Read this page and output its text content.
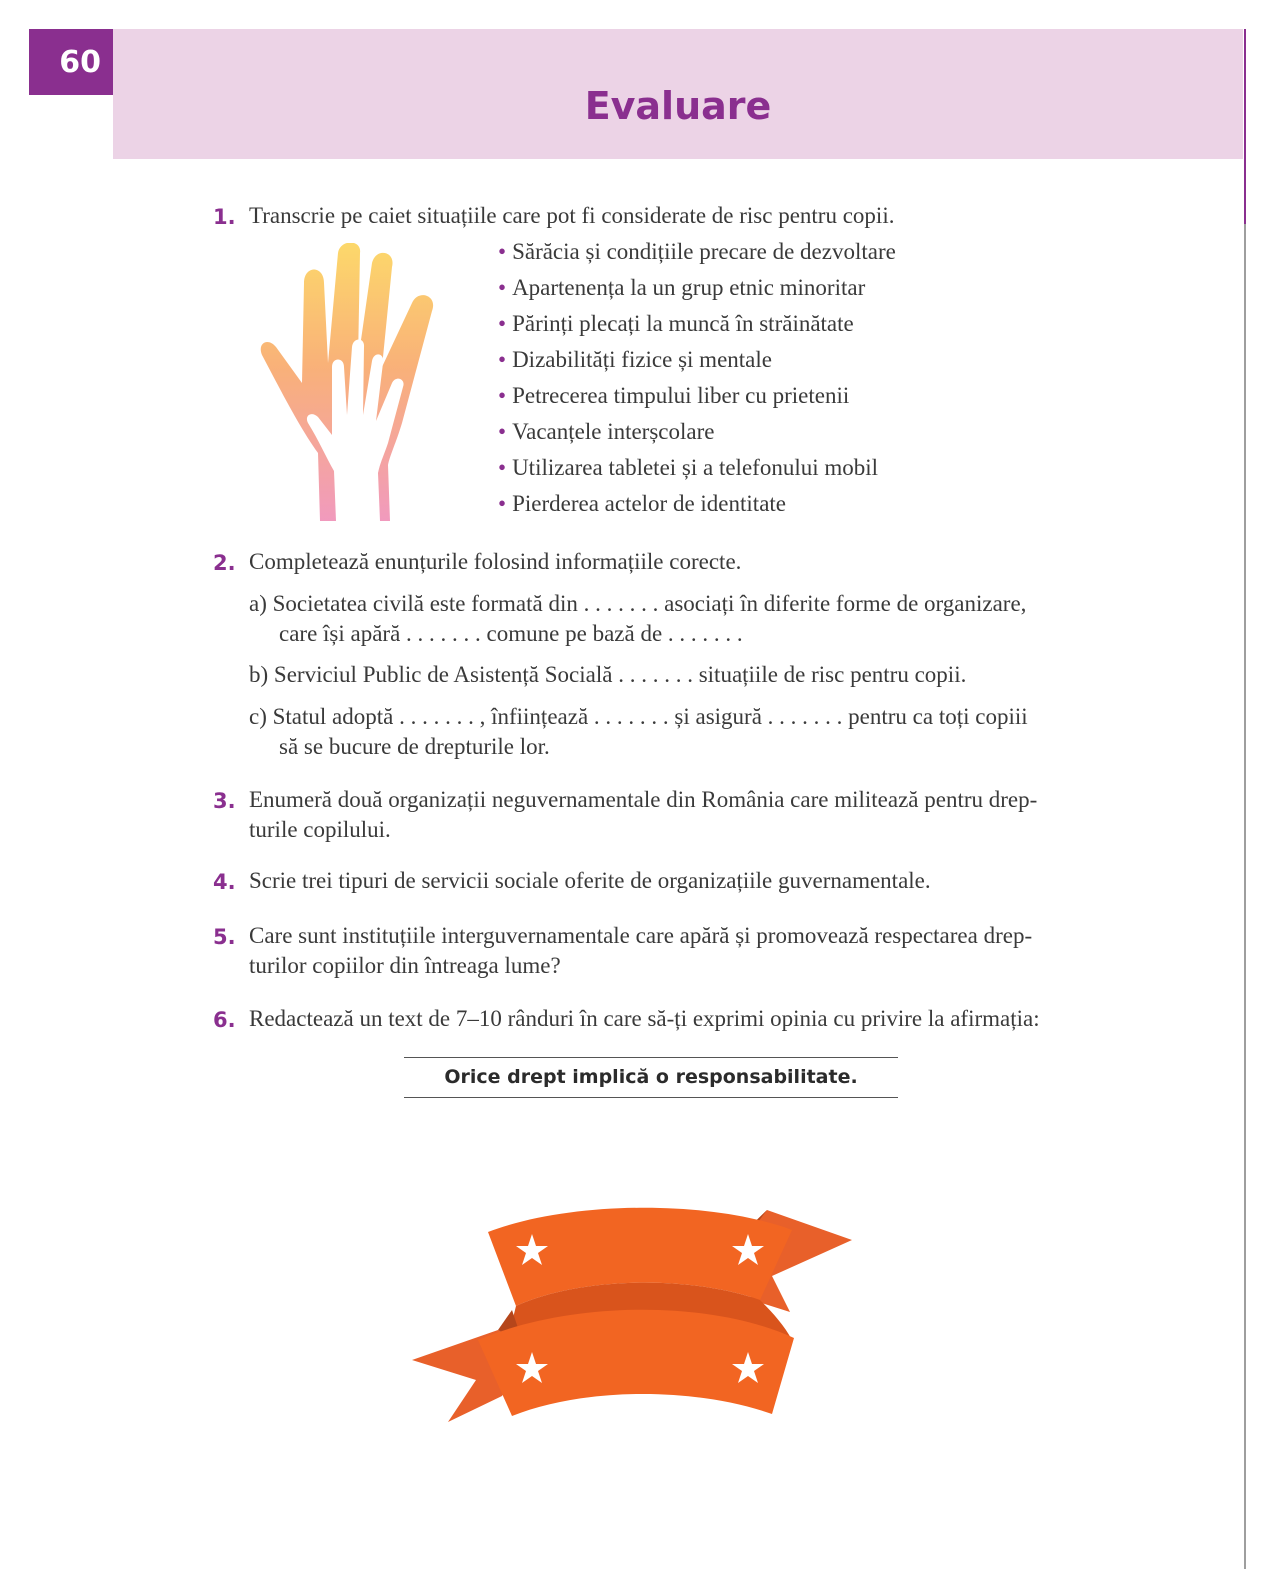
Evaluare
60
1. Transcrie pe caiet situațiile care pot fi considerate de risc pentru copii.
• Sărăcia și condițiile precare de dezvoltare
• Apartenența la un grup etnic minoritar
• Părinți plecați la muncă în străinătate
• Dizabilități fizice și mentale
• Petrecerea timpului liber cu prietenii
• Vacanțele interșcolare
• Utilizarea tabletei și a telefonului mobil
• Pierderea actelor de identitate
2. Completează enunțurile folosind informațiile corecte.
a) Societatea civilă este formată din . . . . . . . asociați în diferite forme de organizare,
care își apără . . . . . . . comune pe bază de . . . . . . .
b) Serviciul Public de Asistență Socială . . . . . . . situațiile de risc pentru copii.
c) Statul adoptă . . . . . . . , înființează . . . . . . . și asigură . . . . . . . pentru ca toți copiii
să se bucure de drepturile lor.
3. Enumeră două organizații neguvernamentale din România care militează pentru drep-
turile copilului.
4. Scrie trei tipuri de servicii sociale oferite de organizațiile guvernamentale.
5. Care sunt instituțiile interguvernamentale care apără și promovează respectarea drep-
turilor copiilor din întreaga lume?
6. Redactează un text de 7–10 rânduri în care să-ți exprimi opinia cu privire la afirmația:
Orice drept implică o responsabilitate.
